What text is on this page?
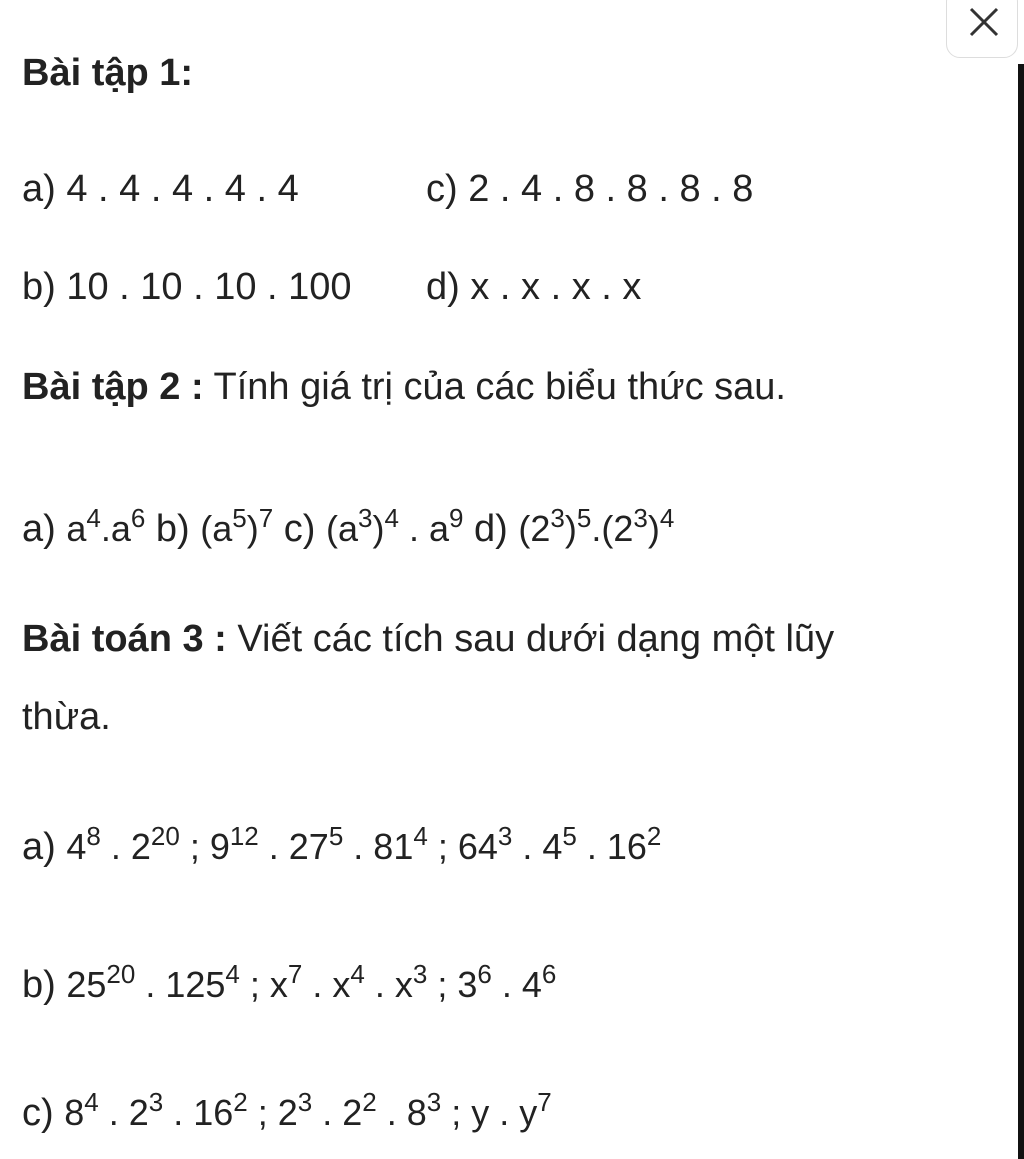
Bài tập 1:
a) 4 . 4 . 4 . 4 . 4	c) 2 . 4 . 8 . 8 . 8 . 8
b) 10 . 10 . 10 . 100 d) x . x . x . x
Bài tập 2 : Tính giá trị của các biểu thức sau.
a) $a^4.a^6$ b) $(a^5)^7$ c) $(a^3)^4$ . $a^9$ d) $(2^3)^5.(2^3)^4$
Bài toán 3 : Viết các tích sau dưới dạng một lũy
thừa.
a) $4^8$ . $2^{20}$ ; $9^{12}$ . $27^5$ . $81^4$ ; $64^3$ . $4^5$ . $16^2$
b) $25^{20}$ . $125^4$ ; $x^7$ . $x^4$ . $x^3$ ; $3^6$ . $4^6$
c) $8^4$ . $2^3$ . $16^2$ ; $2^3$ . $2^2$ . $8^3$ ; y . $y^7$
